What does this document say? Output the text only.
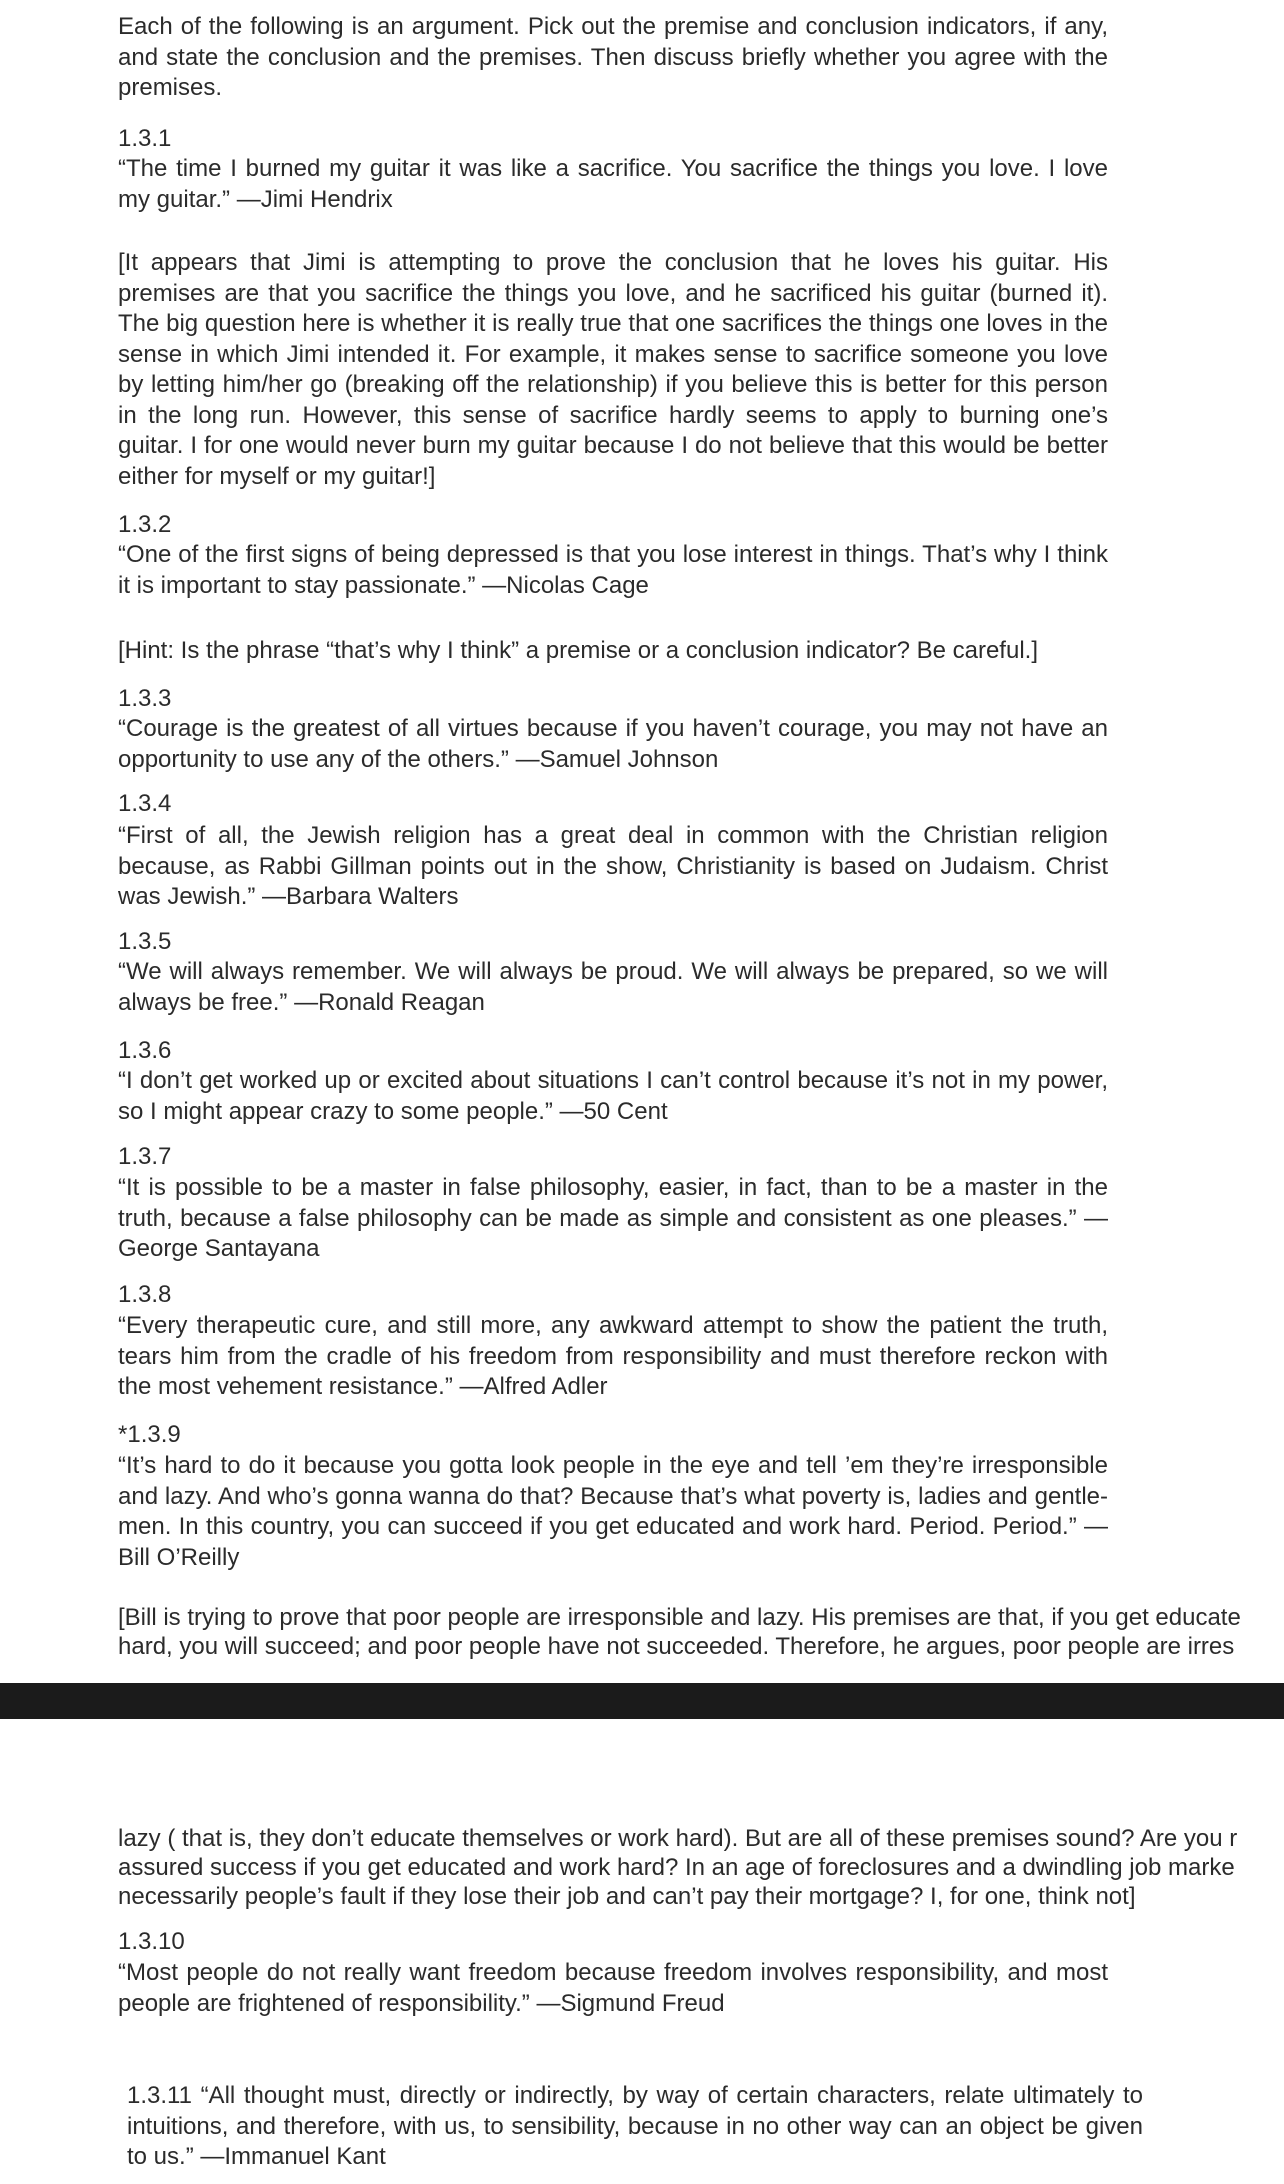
Each of the following is an argument. Pick out the premise and conclusion indicators, if any, and state the conclusion and the premises. Then discuss briefly whether you agree with the premises.

1.3.1

“The time I burned my guitar it was like a sacrifice. You sacrifice the things you love. I love my guitar.” —Jimi Hendrix

[It appears that Jimi is attempting to prove the conclusion that he loves his guitar. His premises are that you sacrifice the things you love, and he sacrificed his guitar (burned it). The big question here is whether it is really true that one sacrifices the things one loves in the sense in which Jimi intended it. For example, it makes sense to sacrifice someone you love by letting him/her go (breaking off the relationship) if you believe this is better for this person in the long run. However, this sense of sacrifice hardly seems to apply to burning one’s guitar. I for one would never burn my guitar because I do not believe that this would be better either for myself or my guitar!]

1.3.2

“One of the first signs of being depressed is that you lose interest in things. That’s why I think it is important to stay passionate.” —Nicolas Cage

[Hint: Is the phrase “that’s why I think” a premise or a conclusion indicator? Be careful.]

1.3.3

“Courage is the greatest of all virtues because if you haven’t courage, you may not have an opportunity to use any of the others.” —Samuel Johnson

1.3.4

“First of all, the Jewish religion has a great deal in common with the Christian religion because, as Rabbi Gillman points out in the show, Christianity is based on Judaism. Christ was Jewish.” —Barbara Walters

1.3.5

“We will always remember. We will always be proud. We will always be prepared, so we will always be free.” —Ronald Reagan

1.3.6

“I don’t get worked up or excited about situations I can’t control because it’s not in my power, so I might appear crazy to some people.” —50 Cent

1.3.7

“It is possible to be a master in false philosophy, easier, in fact, than to be a master in the truth, because a false philosophy can be made as simple and consistent as one pleases.” —George Santayana

1.3.8

“Every therapeutic cure, and still more, any awkward attempt to show the patient the truth, tears him from the cradle of his freedom from responsibility and must therefore reckon with the most vehement resistance.” —Alfred Adler

*1.3.9

“It’s hard to do it because you gotta look people in the eye and tell ’em they’re irresponsible and lazy. And who’s gonna wanna do that? Because that’s what poverty is, ladies and gentle-men. In this country, you can succeed if you get educated and work hard. Period. Period.” —Bill O’Reilly

[Bill is trying to prove that poor people are irresponsible and lazy. His premises are that, if you get educate

hard, you will succeed; and poor people have not succeeded. Therefore, he argues, poor people are irres

lazy ( that is, they don’t educate themselves or work hard). But are all of these premises sound? Are you r

assured success if you get educated and work hard? In an age of foreclosures and a dwindling job marke

necessarily people’s fault if they lose their job and can’t pay their mortgage? I, for one, think not]

1.3.10

“Most people do not really want freedom because freedom involves responsibility, and most people are frightened of responsibility.” —Sigmund Freud

1.3.11 “All thought must, directly or indirectly, by way of certain characters, relate ultimately to intuitions, and therefore, with us, to sensibility, because in no other way can an object be given to us.” —Immanuel Kant
